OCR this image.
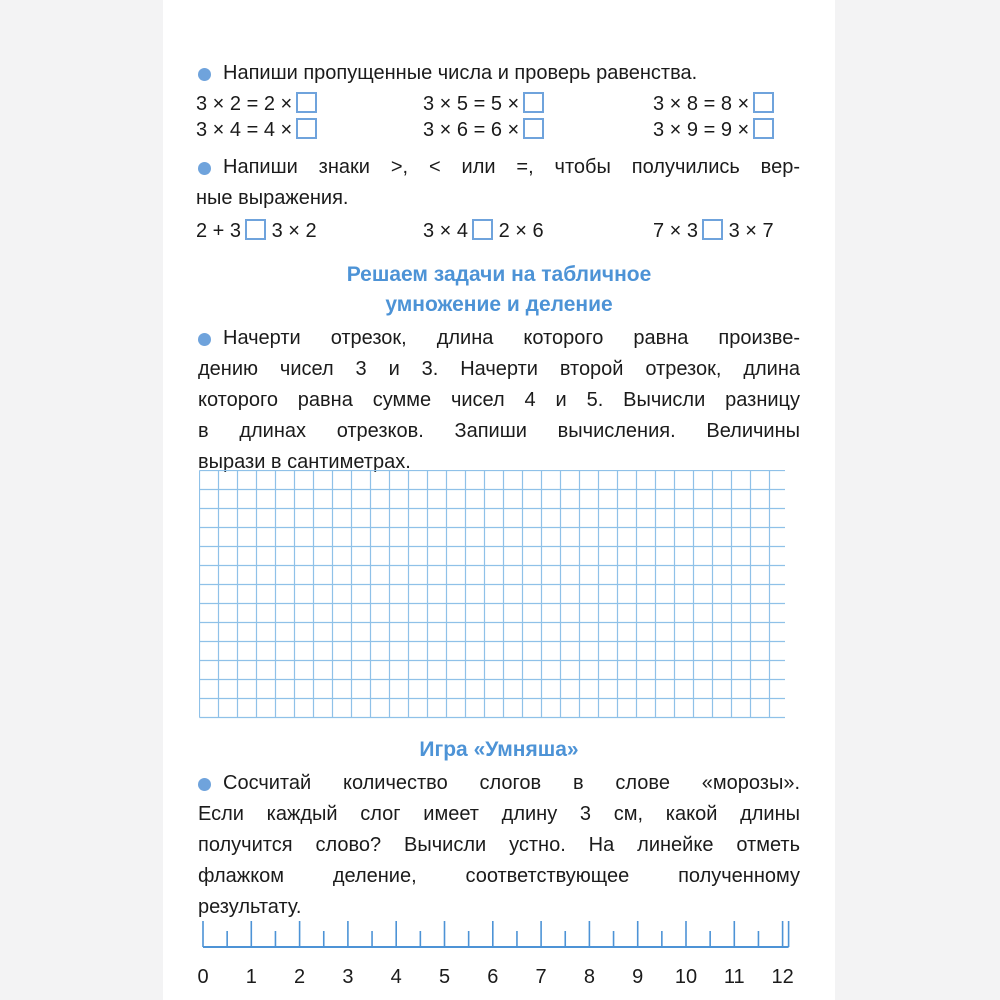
Напиши пропущенные числа и проверь равенства.
3 × 2 = 2 ×	3 × 5 = 5 ×	3 × 8 = 8 ×
3 × 4 = 4 ×	3 × 6 = 6 ×	3 × 9 = 9 ×
Напиши знаки >, < или =, чтобы получились вер-
ные выражения.
2 + 3 3 × 2	3 × 4 2 × 6	7 × 3 3 × 7
Решаем задачи на табличное
умножение и деление
Начерти отрезок, длина которого равна произве-
дению чисел 3 и 3. Начерти второй отрезок, длина
которого равна сумме чисел 4 и 5. Вычисли разницу
в длинах отрезков. Запиши вычисления. Величины
вырази в сантиметрах.
Игра «Умняша»
Сосчитай количество слогов в слове «морозы».
Если каждый слог имеет длину 3 см, какой длины
получится слово? Вычисли устно. На линейке отметь
флажком деление, соответствующее полученному
результату.
0 1 2 3 4 5 6 7 8 9 10 11 12
